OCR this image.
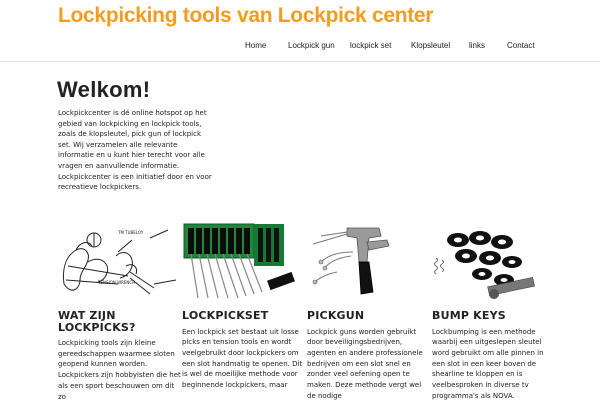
Lockpicking tools van Lockpick center
Home	Lockpick gun lockpick set Klopsleutel links	Contact
Welkom!

Lockpickcenter is dé online hotspot op het gebied van lockpicking en lockpick tools, zoals de klopsleutel, pick gun of lockpick set. Wij verzamelen alle relevante informatie en u kunt hier terecht voor alle vragen en aanvullende informatie. Lockpickcenter is een initiatief door en voor recreatieve lockpickers.

TM TUBELOY
TENSION WRENCH
WAT ZIJN LOCKPICKS?

Lockpicking tools zijn kleine gereedschappen waarmee sloten geopend kunnen worden. Lockpickers zijn hobbyisten die het als een sport beschouwen om dit zo

LOCKPICKSET

Een lockpick set bestaat uit losse picks en tension tools en wordt veelgebruikt door lockpickers om een slot handmatig te openen. Dit is wel de moeilijke methode voor beginnende lockpickers, maar

PICKGUN

Lockpick guns worden gebruikt door beveiligingsbedrijven, agenten en andere professionele bedrijven om een slot snel en zonder veel oefening open te maken. Deze methode vergt wel de nodige

BUMP KEYS

Lockbumping is een methode waarbij een uitgeslepen sleutel word gebruikt om alle pinnen in een slot in een keer boven de shearline te kloppen en is veelbesproken in diverse tv programma's als NOVA.
